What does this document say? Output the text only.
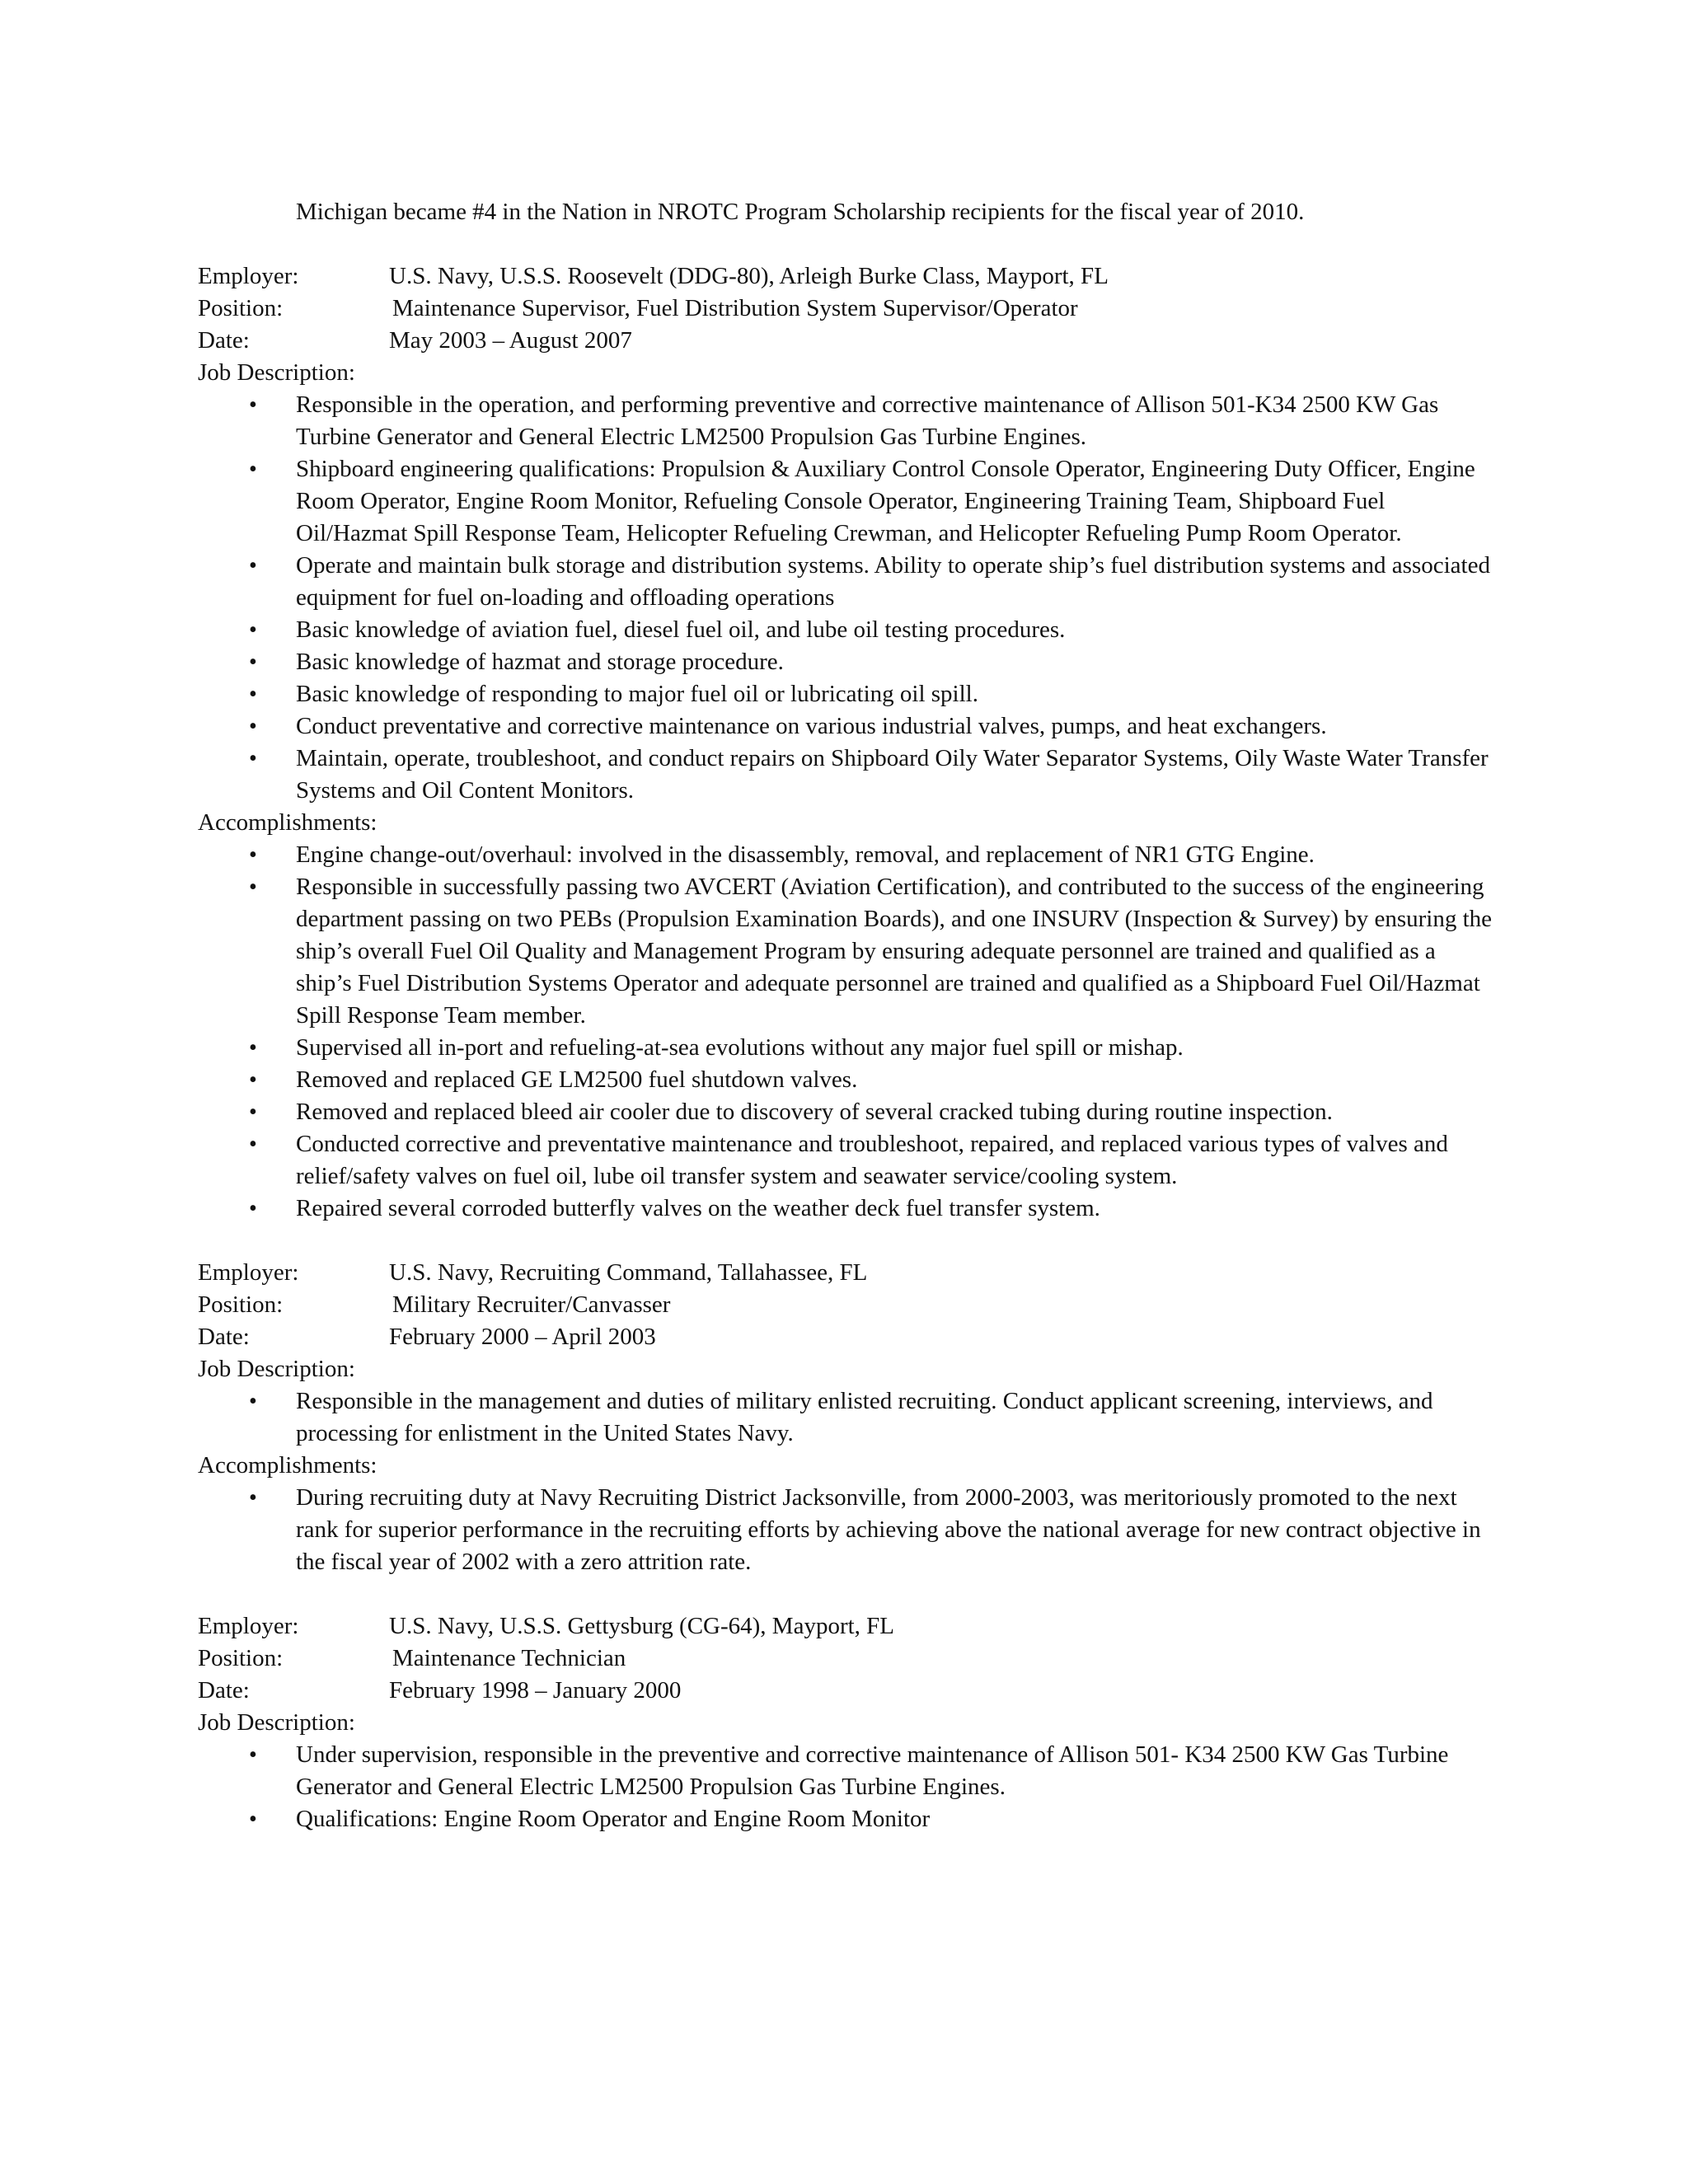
Michigan became #4 in the Nation in NROTC Program Scholarship recipients for the fiscal year of 2010.
Employer:	U.S. Navy, U.S.S. Roosevelt (DDG-80), Arleigh Burke Class, Mayport, FL
Position:	Maintenance Supervisor, Fuel Distribution System Supervisor/Operator
Date:	May 2003 – August 2007
Job Description:
• Responsible in the operation, and performing preventive and corrective maintenance of Allison 501-K34 2500 KW Gas Turbine Generator and General Electric LM2500 Propulsion Gas Turbine Engines.
• Shipboard engineering qualifications: Propulsion & Auxiliary Control Console Operator, Engineering Duty Officer, Engine Room Operator, Engine Room Monitor, Refueling Console Operator, Engineering Training Team, Shipboard Fuel Oil/Hazmat Spill Response Team, Helicopter Refueling Crewman, and Helicopter Refueling Pump Room Operator.
• Operate and maintain bulk storage and distribution systems. Ability to operate ship’s fuel distribution systems and associated equipment for fuel on-loading and offloading operations
• Basic knowledge of aviation fuel, diesel fuel oil, and lube oil testing procedures.
• Basic knowledge of hazmat and storage procedure.
• Basic knowledge of responding to major fuel oil or lubricating oil spill.
• Conduct preventative and corrective maintenance on various industrial valves, pumps, and heat exchangers.
• Maintain, operate, troubleshoot, and conduct repairs on Shipboard Oily Water Separator Systems, Oily Waste Water Transfer Systems and Oil Content Monitors.
Accomplishments:
• Engine change-out/overhaul: involved in the disassembly, removal, and replacement of NR1 GTG Engine.
• Responsible in successfully passing two AVCERT (Aviation Certification), and contributed to the success of the engineering department passing on two PEBs (Propulsion Examination Boards), and one INSURV (Inspection & Survey) by ensuring the ship’s overall Fuel Oil Quality and Management Program by ensuring adequate personnel are trained and qualified as a ship’s Fuel Distribution Systems Operator and adequate personnel are trained and qualified as a Shipboard Fuel Oil/Hazmat Spill Response Team member.
• Supervised all in-port and refueling-at-sea evolutions without any major fuel spill or mishap.
• Removed and replaced GE LM2500 fuel shutdown valves.
• Removed and replaced bleed air cooler due to discovery of several cracked tubing during routine inspection.
• Conducted corrective and preventative maintenance and troubleshoot, repaired, and replaced various types of valves and relief/safety valves on fuel oil, lube oil transfer system and seawater service/cooling system.
• Repaired several corroded butterfly valves on the weather deck fuel transfer system.
Employer:	U.S. Navy, Recruiting Command, Tallahassee, FL
Position:	Military Recruiter/Canvasser
Date:	February 2000 – April 2003
Job Description:
• Responsible in the management and duties of military enlisted recruiting. Conduct applicant screening, interviews, and processing for enlistment in the United States Navy.
Accomplishments:
• During recruiting duty at Navy Recruiting District Jacksonville, from 2000-2003, was meritoriously promoted to the next rank for superior performance in the recruiting efforts by achieving above the national average for new contract objective in the fiscal year of 2002 with a zero attrition rate.
Employer:	U.S. Navy, U.S.S. Gettysburg (CG-64), Mayport, FL
Position:	Maintenance Technician
Date:	February 1998 – January 2000
Job Description:
• Under supervision, responsible in the preventive and corrective maintenance of Allison 501- K34 2500 KW Gas Turbine Generator and General Electric LM2500 Propulsion Gas Turbine Engines.
• Qualifications: Engine Room Operator and Engine Room Monitor
